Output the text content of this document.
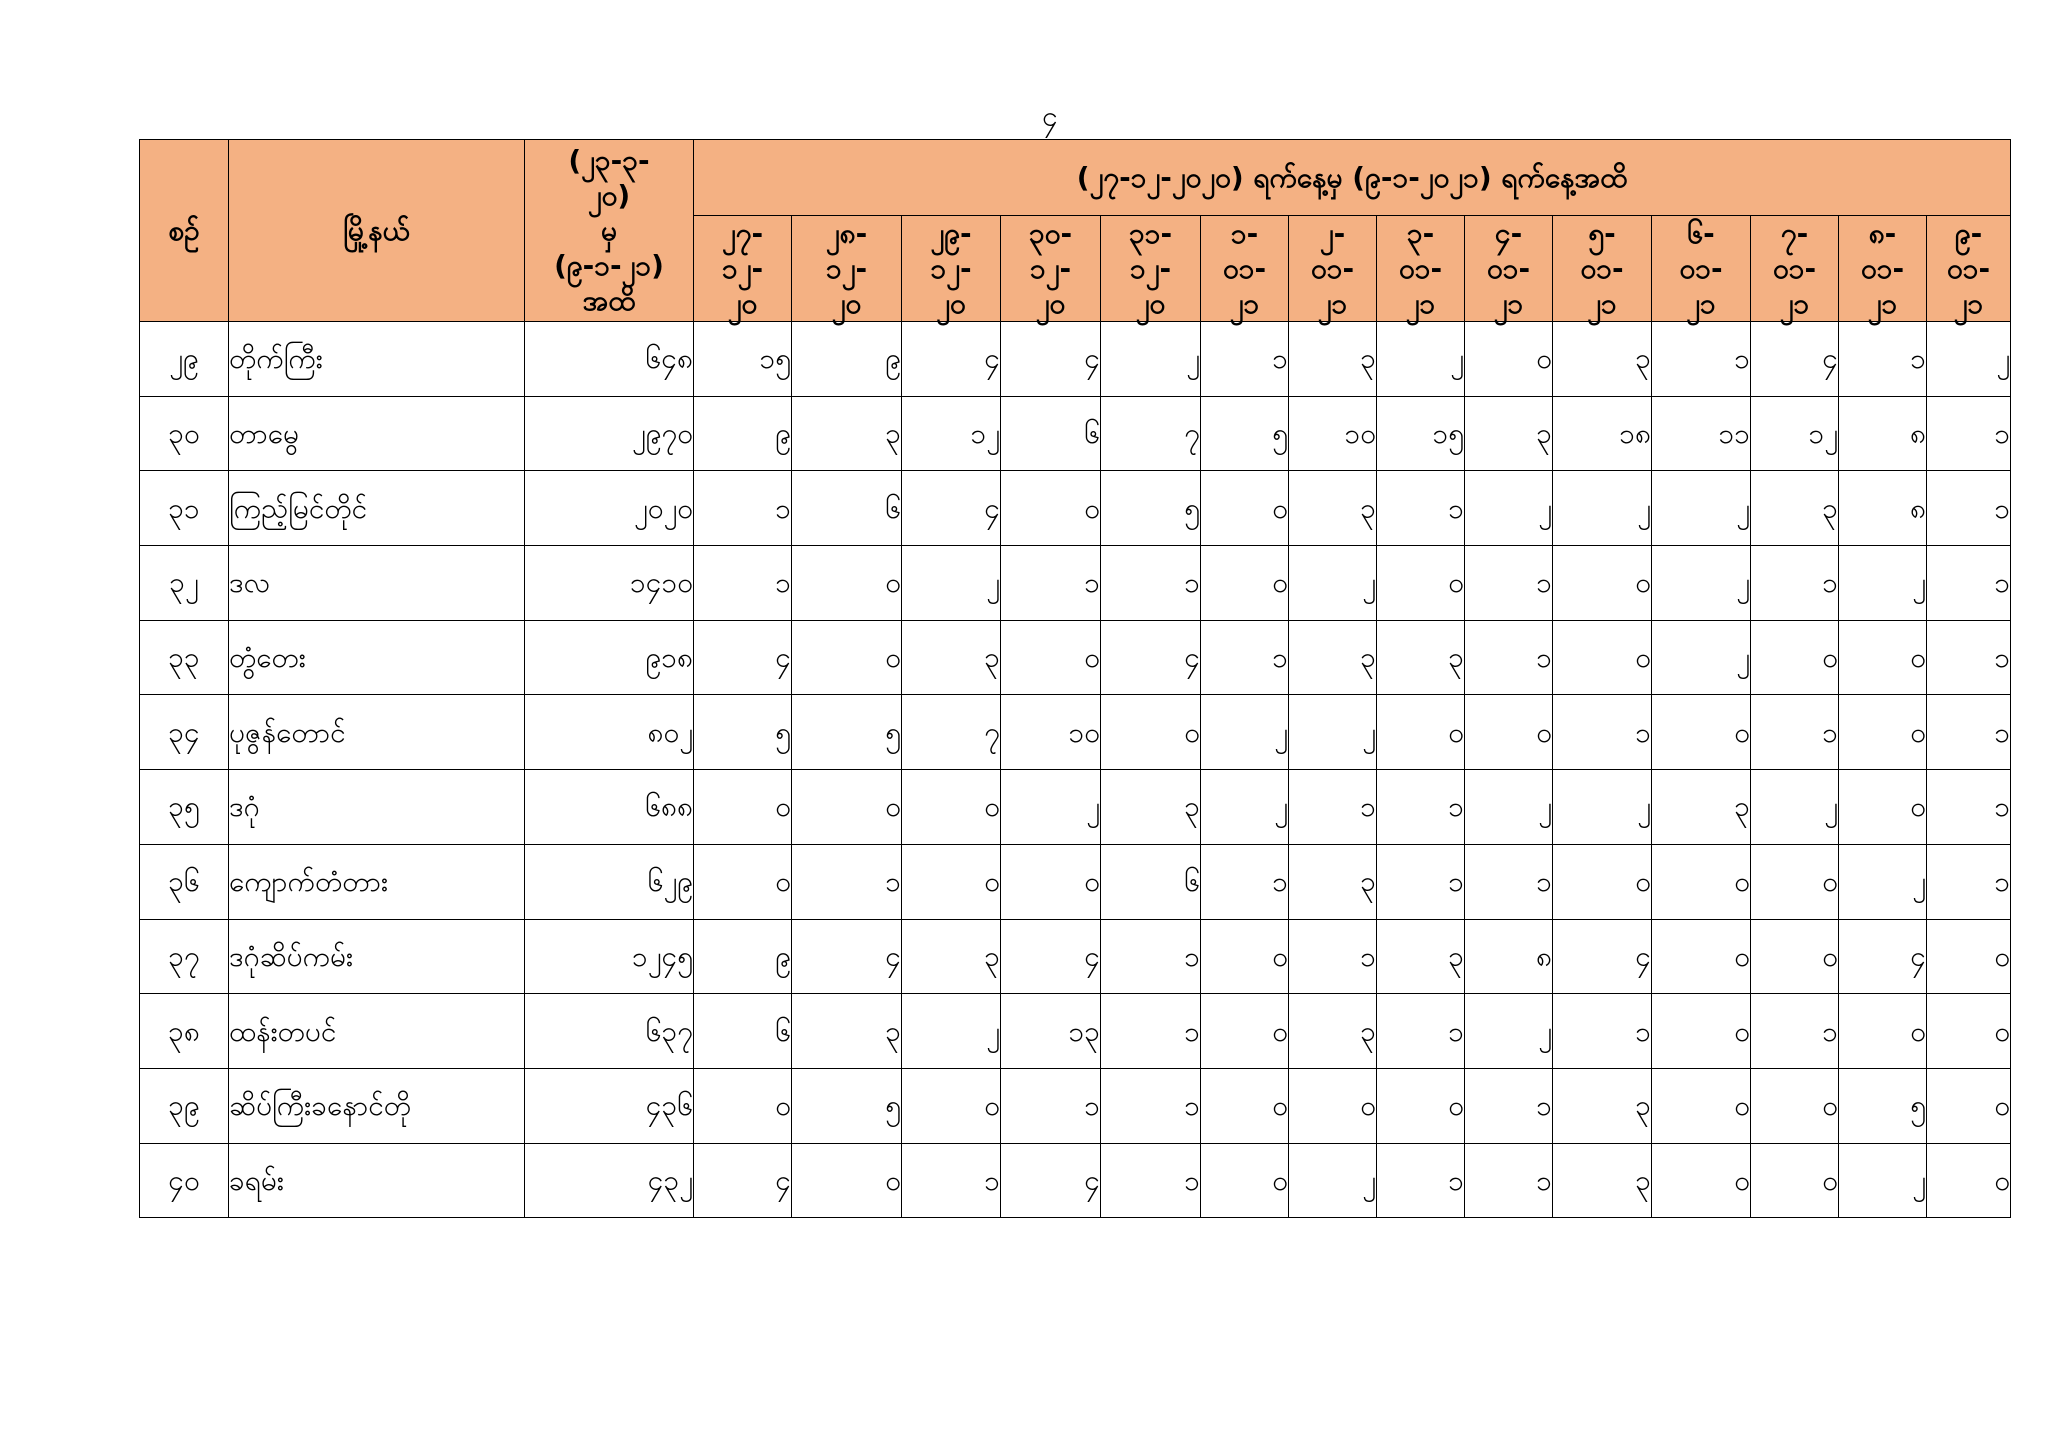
၄
စဉ်	မြို့နယ်	(၂၃-၃-
၂၀)
မှ
(၉-၁-၂၁)
အထိ	(၂၇-၁၂-၂၀၂၀) ရက်နေ့မှ (၉-၁-၂၀၂၁) ရက်နေ့အထိ													

			၂၇-
၁၂-
၂၀	၂၈-
၁၂-
၂၀	၂၉-
၁၂-
၂၀	၃၀-
၁၂-
၂၀	၃၁-
၁၂-
၂၀	၁-
၀၁-
၂၁	၂-
၀၁-
၂၁	၃-
၀၁-
၂၁	၄-
၀၁-
၂၁	၅-
၀၁-
၂၁	၆-
၀၁-
၂၁	၇-
၀၁-
၂၁	၈-
၀၁-
၂၁	၉-
၀၁-
၂၁

၂၉	တိုက်ကြီး	၆၄၈	၁၅	၉	၄	၄	၂	၁	၃	၂	၀	၃	၁	၄	၁	၂
၃၀	တာမွေ	၂၉၇၀	၉	၃	၁၂	၆	၇	၅	၁၀	၁၅	၃	၁၈	၁၁	၁၂	၈	၁
၃၁	ကြည့်မြင်တိုင်	၂၀၂၀	၁	၆	၄	၀	၅	၀	၃	၁	၂	၂	၂	၃	၈	၁
၃၂	ဒလ	၁၄၁၀	၁	၀	၂	၁	၁	၀	၂	၀	၁	၀	၂	၁	၂	၁
၃၃	တွံတေး	၉၁၈	၄	၀	၃	၀	၄	၁	၃	၃	၁	၀	၂	၀	၀	၁
၃၄	ပုဇွန်တောင်	၈၀၂	၅	၅	၇	၁၀	၀	၂	၂	၀	၀	၁	၀	၁	၀	၁
၃၅	ဒဂုံ	၆၈၈	၀	၀	၀	၂	၃	၂	၁	၁	၂	၂	၃	၂	၀	၁
၃၆	ကျောက်တံတား	၆၂၉	၀	၁	၀	၀	၆	၁	၃	၁	၁	၀	၀	၀	၂	၁
၃၇	ဒဂုံဆိပ်ကမ်း	၁၂၄၅	၉	၄	၃	၄	၁	၀	၁	၃	၈	၄	၀	၀	၄	၀
၃၈	ထန်းတပင်	၆၃၇	၆	၃	၂	၁၃	၁	၀	၃	၁	၂	၁	၀	၁	၀	၀
၃၉	ဆိပ်ကြီးခနောင်တို	၄၃၆	၀	၅	၀	၁	၁	၀	၀	၀	၁	၃	၀	၀	၅	၀
၄၀	ခရမ်း	၄၃၂	၄	၀	၁	၄	၁	၀	၂	၁	၁	၃	၀	၀	၂	၀
